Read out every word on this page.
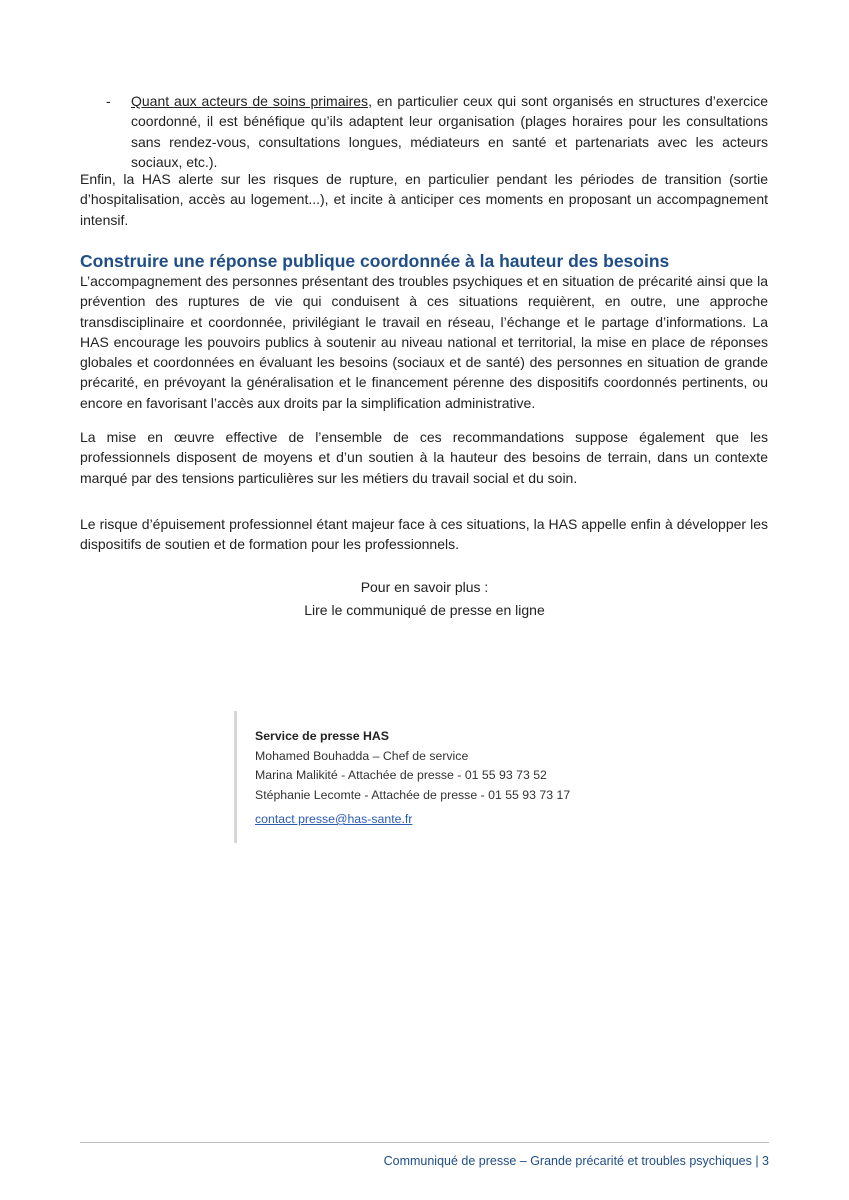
- Quant aux acteurs de soins primaires, en particulier ceux qui sont organisés en structures d’exercice coordonné, il est bénéfique qu’ils adaptent leur organisation (plages horaires pour les consultations sans rendez-vous, consultations longues, médiateurs en santé et partenariats avec les acteurs sociaux, etc.).
Enfin, la HAS alerte sur les risques de rupture, en particulier pendant les périodes de transition (sortie d’hospitalisation, accès au logement...), et incite à anticiper ces moments en proposant un accompagnement intensif.
Construire une réponse publique coordonnée à la hauteur des besoins
L’accompagnement des personnes présentant des troubles psychiques et en situation de précarité ainsi que la prévention des ruptures de vie qui conduisent à ces situations requièrent, en outre, une approche transdisciplinaire et coordonnée, privilégiant le travail en réseau, l’échange et le partage d’informations. La HAS encourage les pouvoirs publics à soutenir au niveau national et territorial, la mise en place de réponses globales et coordonnées en évaluant les besoins (sociaux et de santé) des personnes en situation de grande précarité, en prévoyant la généralisation et le financement pérenne des dispositifs coordonnés pertinents, ou encore en favorisant l’accès aux droits par la simplification administrative.
La mise en œuvre effective de l’ensemble de ces recommandations suppose également que les professionnels disposent de moyens et d’un soutien à la hauteur des besoins de terrain, dans un contexte marqué par des tensions particulières sur les métiers du travail social et du soin.
Le risque d’épuisement professionnel étant majeur face à ces situations, la HAS appelle enfin à développer les dispositifs de soutien et de formation pour les professionnels.
Pour en savoir plus :
Lire le communiqué de presse en ligne
Service de presse HAS
Mohamed Bouhadda – Chef de service
Marina Malikité - Attachée de presse - 01 55 93 73 52
Stéphanie Lecomte - Attachée de presse - 01 55 93 73 17
contact presse@has-sante.fr
Communiqué de presse – Grande précarité et troubles psychiques | 3
